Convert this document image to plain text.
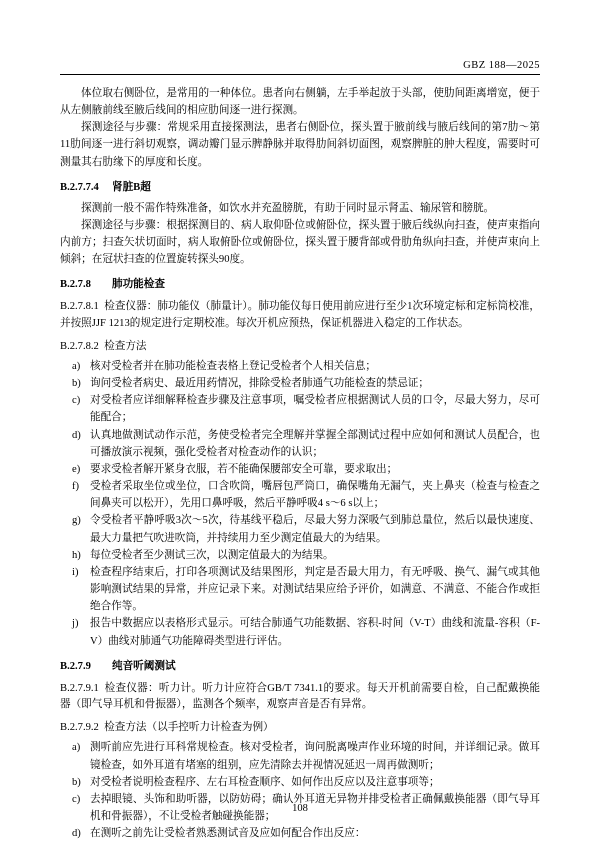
GBZ 188—2025

体位取右侧卧位，是常用的一种体位。患者向右侧躺，左手举起放于头部，使肋间距离增宽，便于从左侧腋前线至腋后线间的相应肋间逐一进行探测。

探测途径与步骤：常规采用直接探测法，患者右侧卧位，探头置于腋前线与腋后线间的第7肋〜第11肋间逐一进行斜切观察，调动瓣门显示脾静脉并取得肋间斜切面图，观察脾脏的肿大程度，需要时可测量其右肋缘下的厚度和长度。

B.2.7.7.4 肾脏B超

探测前一般不需作特殊准备，如饮水并充盈膀胱，有助于同时显示肾盂、输尿管和膀胱。

探测途径与步骤：根据探测目的、病人取仰卧位或俯卧位，探头置于腋后线纵向扫查，使声束指向内前方；扫查矢状切面时，病人取俯卧位或俯卧位，探头置于腰背部或骨肋角纵向扫查，并使声束向上倾斜；在冠状扫查的位置旋转探头90度。

B.2.7.8 肺功能检查

B.2.7.8.1 检查仪器：肺功能仪（肺量计）。肺功能仪每日使用前应进行至少1次环境定标和定标筒校准，并按照JJF 1213的规定进行定期校准。每次开机应预热，保证机器进入稳定的工作状态。

B.2.7.8.2 检查方法

a) 核对受检者并在肺功能检查表格上登记受检者个人相关信息；
b) 询问受检者病史、最近用药情况，排除受检者肺通气功能检查的禁忌证；
c) 对受检者应详细解释检查步骤及注意事项，嘱受检者应根据测试人员的口令，尽最大努力，尽可能配合；
d) 认真地做测试动作示范，务使受检者完全理解并掌握全部测试过程中应如何和测试人员配合，也可播放演示视频，强化受检者对检查动作的认识；
e) 要求受检者解开紧身衣服，若不能确保腰部安全可靠，要求取出；
f)	受检者采取坐位或坐位，口含吹筒，嘴唇包严筒口，确保嘴角无漏气，夹上鼻夹（检查与检查之间鼻夹可以松开），先用口鼻呼吸，然后平静呼吸4 s〜6 s以上；
g) 令受检者平静呼吸3次〜5次，待基线平稳后，尽最大努力深吸气到肺总量位，然后以最快速度、最大力量把气吹进吹筒，并持续用力至少测定值最大的为结果。
h) 每位受检者至少测试三次，以测定值最大的为结果。
i)	检查程序结束后，打印各项测试及结果图形，判定是否最大用力，有无呼吸、换气、漏气或其他影响测试结果的异常，并应记录下来。对测试结果应给予评价，如满意、不满意、不能合作或拒绝合作等。
j)	报告中数据应以表格形式显示。可结合肺通气功能数据、容积-时间（V-T）曲线和流量-容积（F-V）曲线对肺通气功能障碍类型进行评估。
B.2.7.9 纯音听阈测试

B.2.7.9.1 检查仪器：听力计。听力计应符合GB/T 7341.1的要求。每天开机前需要自检，自己配戴换能器（即气导耳机和骨振器），监测各个频率，观察声音是否有异常。

B.2.7.9.2 检查方法（以手控听力计检查为例）

a) 测听前应先进行耳科常规检查。核对受检者，询问脱离噪声作业环境的时间，并详细记录。做耳镜检查，如外耳道有堵塞的组别，应先清除去并视情况延迟一周再做测听；
b) 对受检者说明检查程序、左右耳检查顺序、如何作出反应以及注意事项等；
c) 去掉眼镜、头饰和助听器，以防妨碍；确认外耳道无异物并排受检者正确佩戴换能器（即气导耳机和骨振器），不让受检者触碰换能器；
d) 在测听之前先让受检者熟悉测试音及应如何配合作出反应：
108
